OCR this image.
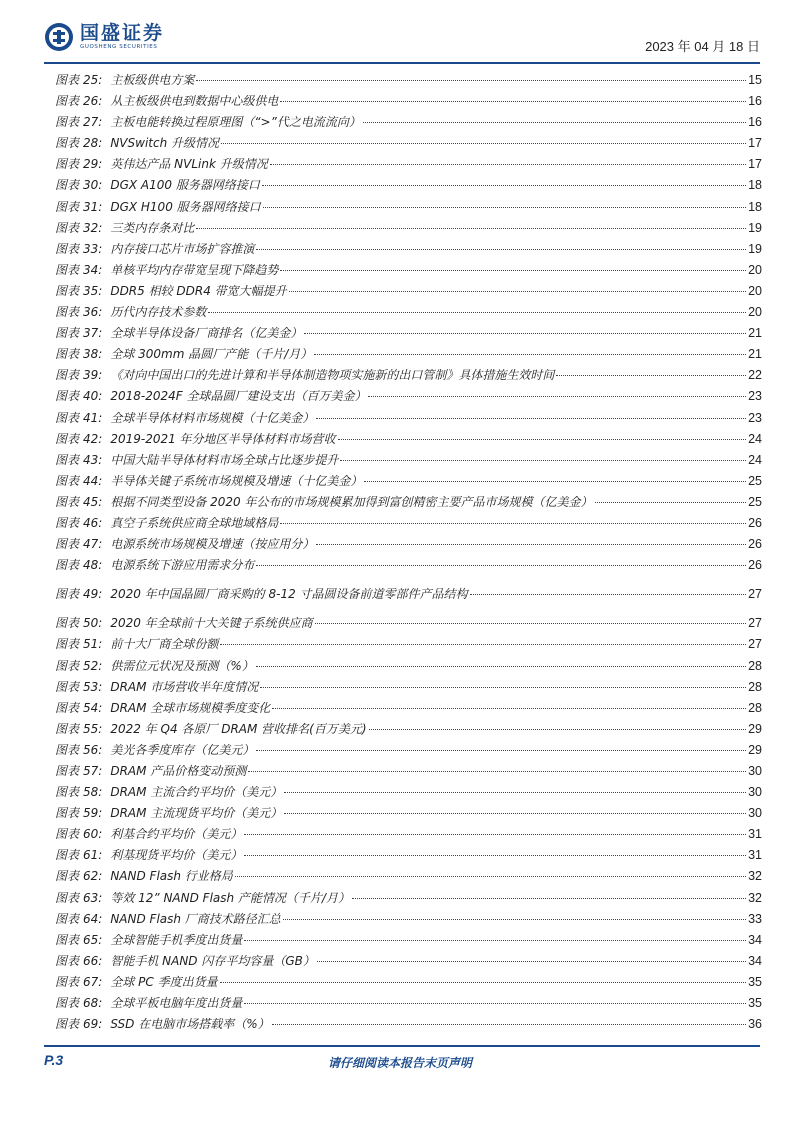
国盛证券
GUOSHENG SECURITIES	2023 年 04 月 18 日
图表 25: 主板级供电方案	15
图表 26: 从主板级供电到数据中心级供电	16
图表 27: 主板电能转换过程原理图（“>”代之电流流向）	16
图表 28: NVSwitch 升级情况	17
图表 29: 英伟达产品 NVLink 升级情况	17
图表 30: DGX A100 服务器网络接口	18
图表 31: DGX H100 服务器网络接口	18
图表 32: 三类内存条对比	19
图表 33: 内存接口芯片市场扩容推演	19
图表 34: 单核平均内存带宽呈现下降趋势	20
图表 35: DDR5 相较 DDR4 带宽大幅提升	20
图表 36: 历代内存技术参数	20
图表 37: 全球半导体设备厂商排名（亿美金）	21
图表 38: 全球 300mm 晶圆厂产能（千片/月）	21
图表 39: 《对向中国出口的先进计算和半导体制造物项实施新的出口管制》具体措施生效时间	22
图表 40: 2018-2024F 全球晶圆厂建设支出（百万美金）	23
图表 41: 全球半导体材料市场规模（十亿美金）	23
图表 42: 2019-2021 年分地区半导体材料市场营收	24
图表 43: 中国大陆半导体材料市场全球占比逐步提升	24
图表 44: 半导体关键子系统市场规模及增速（十亿美金）	25
图表 45: 根据不同类型设备 2020 年公布的市场规模累加得到富创精密主要产品市场规模（亿美金）	25
图表 46: 真空子系统供应商全球地域格局	26
图表 47: 电源系统市场规模及增速（按应用分）	26
图表 48: 电源系统下游应用需求分布	26
图表 49: 2020 年中国晶圆厂商采购的 8-12 寸晶圆设备前道零部件产品结构	27
图表 50: 2020 年全球前十大关键子系统供应商	27
图表 51: 前十大厂商全球份额	27
图表 52: 供需位元状况及预测（%）	28
图表 53: DRAM 市场营收半年度情况	28
图表 54: DRAM 全球市场规模季度变化	28
图表 55: 2022 年 Q4 各原厂 DRAM 营收排名(百万美元)	29
图表 56: 美光各季度库存（亿美元）	29
图表 57: DRAM 产品价格变动预测	30
图表 58: DRAM 主流合约平均价（美元）	30
图表 59: DRAM 主流现货平均价（美元）	30
图表 60: 利基合约平均价（美元）	31
图表 61: 利基现货平均价（美元）	31
图表 62: NAND Flash 行业格局	32
图表 63: 等效 12” NAND Flash 产能情况（千片/月）	32
图表 64: NAND Flash 厂商技术路径汇总	33
图表 65: 全球智能手机季度出货量	34
图表 66: 智能手机 NAND 闪存平均容量（GB）	34
图表 67: 全球 PC 季度出货量	35
图表 68: 全球平板电脑年度出货量	35
图表 69: SSD 在电脑市场搭载率（%）	36
P.3	请仔细阅读本报告末页声明
